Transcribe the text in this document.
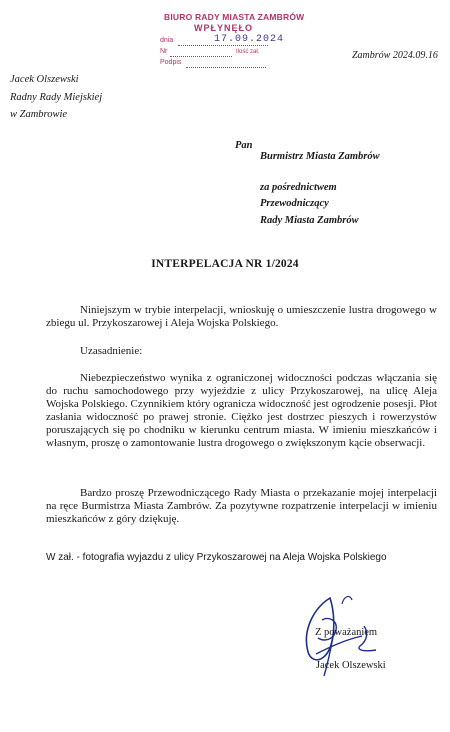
BIURO RADY MIASTA ZAMBRÓW
WPŁYNĘŁO
dnia	17.09.2024
Nr	Ilość zał.
Podpis
Zambrów 2024.09.16
Jacek Olszewski
Radny Rady Miejskiej
w Zambrowie
Pan
Burmistrz Miasta Zambrów
za pośrednictwem
Przewodniczący
Rady Miasta Zambrów
INTERPELACJA NR 1/2024

Niniejszym w trybie interpelacji, wnioskuję o umieszczenie lustra drogowego w zbiegu ul. Przykoszarowej i Aleja Wojska Polskiego.

Uzasadnienie:

Niebezpieczeństwo wynika z ograniczonej widoczności podczas włączania się do ruchu samochodowego przy wyjeździe z ulicy Przykoszarowej, na ulicę Aleja Wojska Polskiego. Czynnikiem który ogranicza widoczność jest ogrodzenie posesji. Płot zasłania widoczność po prawej stronie. Ciężko jest dostrzec pieszych i rowerzystów poruszających się po chodniku w kierunku centrum miasta. W imieniu mieszkańców i własnym, proszę o zamontowanie lustra drogowego o zwiększonym kącie obserwacji.

Bardzo proszę Przewodniczącego Rady Miasta o przekazanie mojej interpelacji na ręce Burmistrza Miasta Zambrów. Za pozytywne rozpatrzenie interpelacji w imieniu mieszkańców z góry dziękuję.

W zał. - fotografia wyjazdu z ulicy Przykoszarowej na Aleja Wojska Polskiego
Z poważaniem
Jacek Olszewski
